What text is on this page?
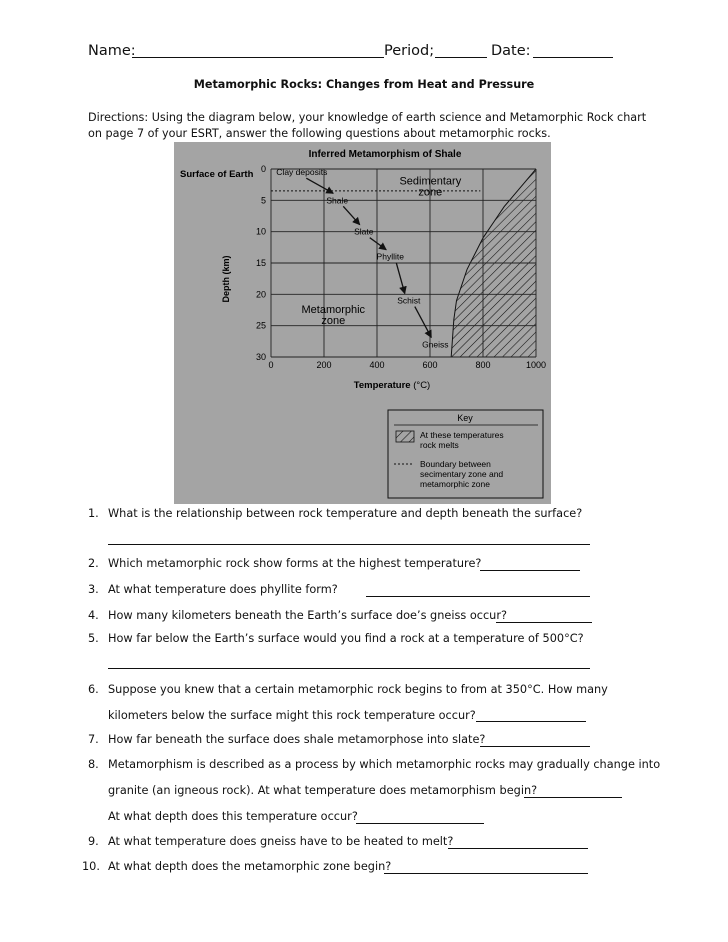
Name:	Period;	Date:
Metamorphic Rocks: Changes from Heat and Pressure
Directions: Using the diagram below, your knowledge of earth science and Metamorphic Rock chart
on page 7 of your ESRT, answer the following questions about metamorphic rocks.
0
5
10
15
20
25
30
0	200	400	600	800	1000
Clay deposits
Shale
Slate
Phyllite
Schist
Gneiss
Sedimentary zone
Metamorphic zone
Inferred Metamorphism of Shale
Surface of Earth
Depth (km)
Temperature (°C)
Key
At these temperatures rock melts
Boundary between secimentary zone and metamorphic zone
1. What is the relationship between rock temperature and depth beneath the surface?
2. Which metamorphic rock show forms at the highest temperature?
3. At what temperature does phyllite form?
4. How many kilometers beneath the Earth’s surface doe’s gneiss occur?
5. How far below the Earth’s surface would you find a rock at a temperature of 500°C?
6. Suppose you knew that a certain metamorphic rock begins to from at 350°C. How many
kilometers below the surface might this rock temperature occur?
7. How far beneath the surface does shale metamorphose into slate?
8. Metamorphism is described as a process by which metamorphic rocks may gradually change into
granite (an igneous rock). At what temperature does metamorphism begin?
At what depth does this temperature occur?
9. At what temperature does gneiss have to be heated to melt?
10. At what depth does the metamorphic zone begin?
